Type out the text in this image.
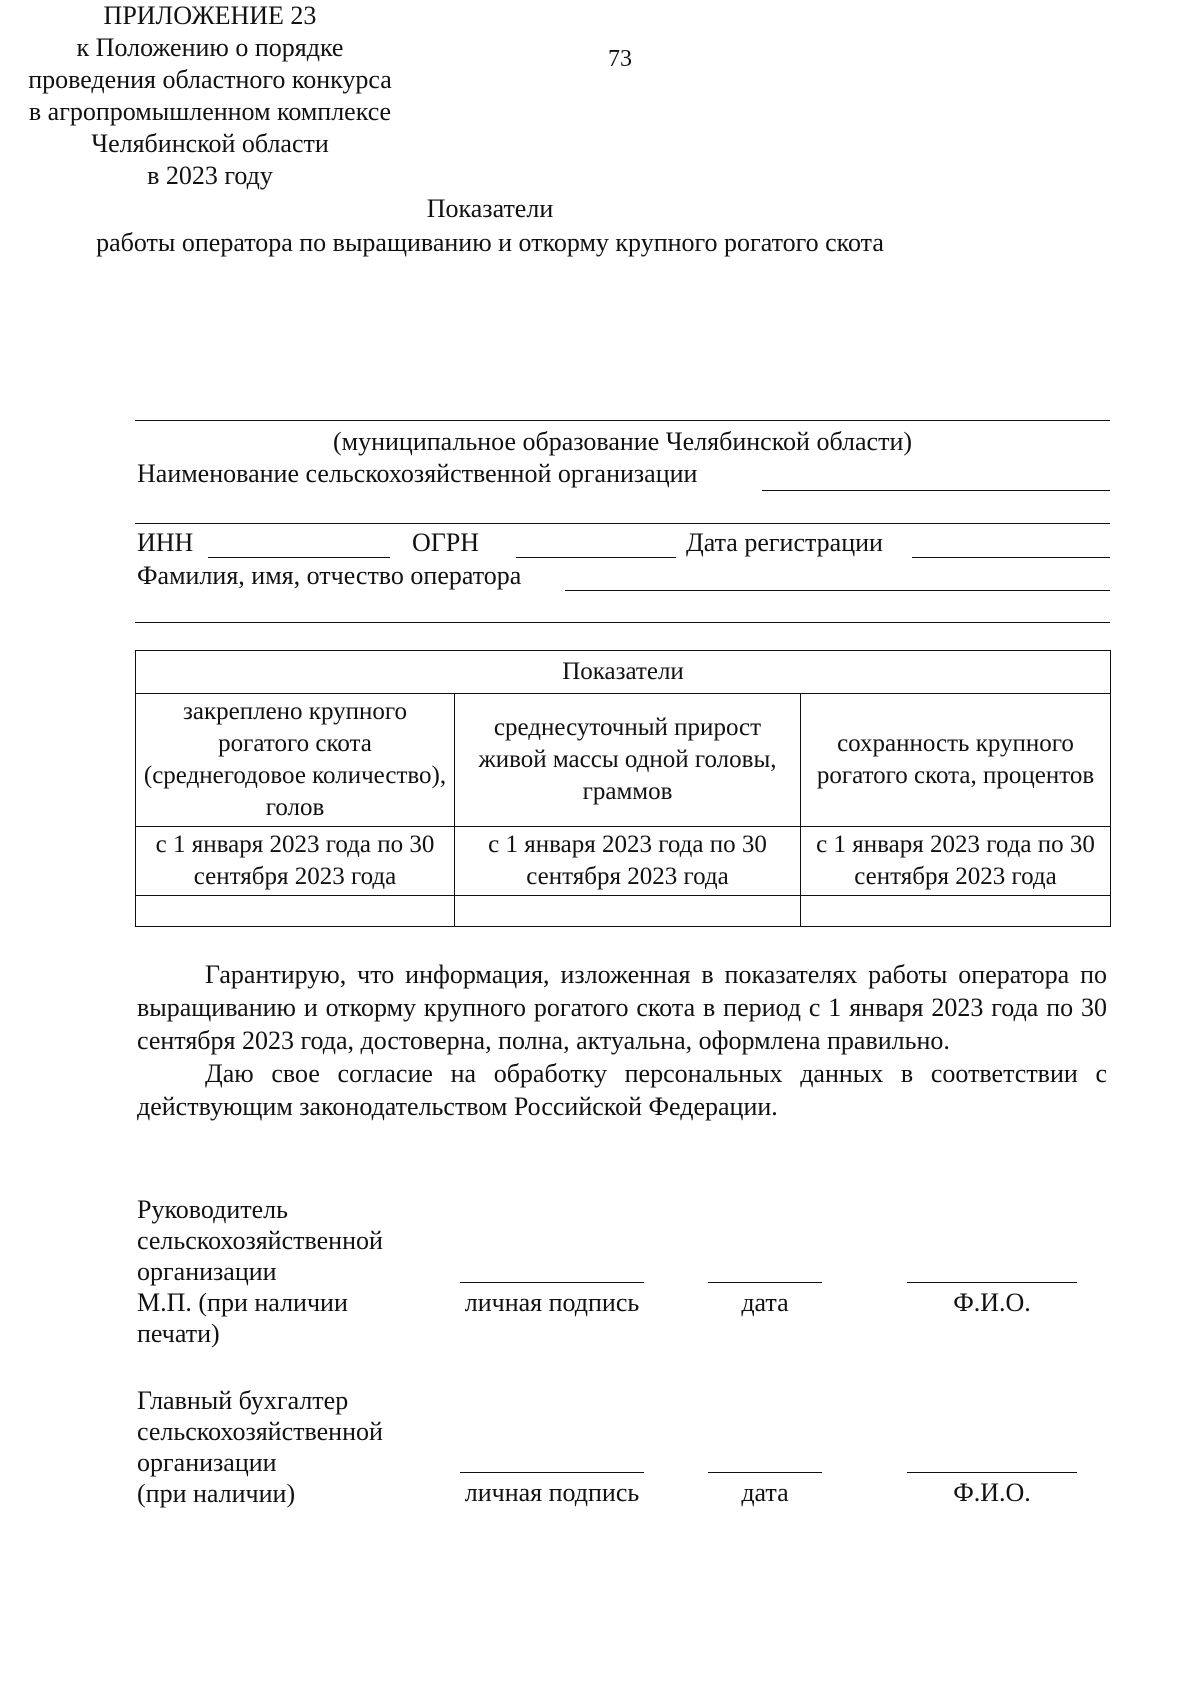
73
ПРИЛОЖЕНИЕ 23
к Положению о порядке
проведения областного конкурса
в агропромышленном комплексе
Челябинской области
в 2023 году
Показатели
работы оператора по выращиванию и откорму крупного рогатого скота
(муниципальное образование Челябинской области)
Наименование сельскохозяйственной организации
ИНН	ОГРН	Дата регистрации
Фамилия, имя, отчество оператора
Показатели		
закреплено крупного рогатого скота (среднегодовое количество), голов	среднесуточный прирост живой массы одной головы, граммов	сохранность крупного рогатого скота, процентов
с 1 января 2023 года по 30 сентября 2023 года	с 1 января 2023 года по 30 сентября 2023 года	с 1 января 2023 года по 30 сентября 2023 года

Гарантирую, что информация, изложенная в показателях работы оператора по выращиванию и откорму крупного рогатого скота в период с 1 января 2023 года по 30 сентября 2023 года, достоверна, полна, актуальна, оформлена правильно.

Даю свое согласие на обработку персональных данных в соответствии с действующим законодательством Российской Федерации.

Руководитель
сельскохозяйственной
организации
М.П. (при наличии
печати)
личная подпись	дата	Ф.И.О.
Главный бухгалтер
сельскохозяйственной
организации
(при наличии)	личная подпись	дата	Ф.И.О.
